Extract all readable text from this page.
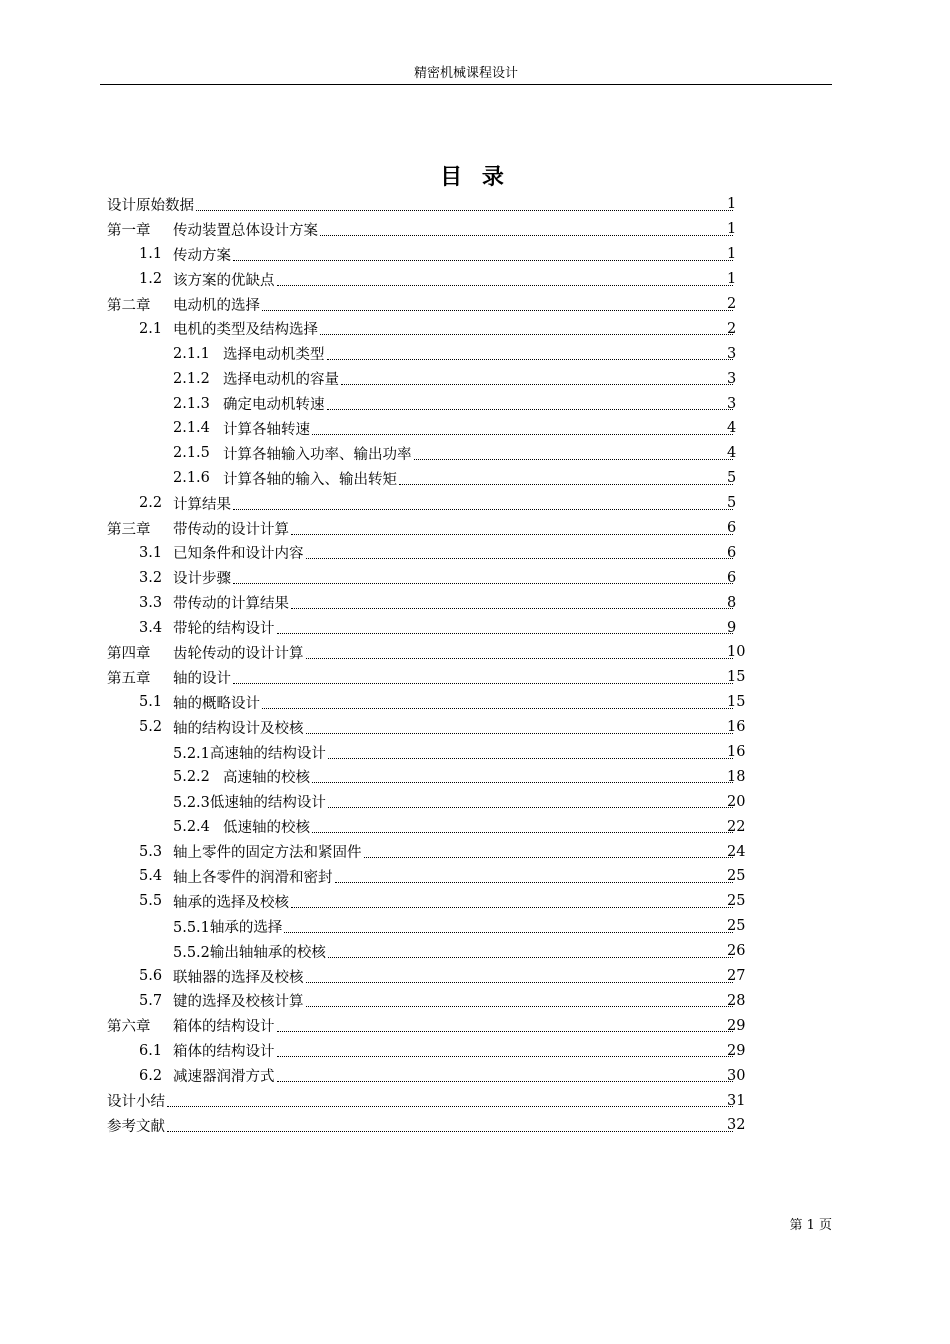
精密机械课程设计
目 录
设计原始数据	1
第一章	传动装置总体设计方案	1
1.1 传动方案	1
1.2 该方案的优缺点	1
第二章	电动机的选择	2
2.1 电机的类型及结构选择	2
2.1.1 选择电动机类型	3
2.1.2 选择电动机的容量	3
2.1.3 确定电动机转速	3
2.1.4 计算各轴转速	4
2.1.5 计算各轴输入功率、输出功率	4
2.1.6 计算各轴的输入、输出转矩	5
2.2 计算结果	5
第三章	带传动的设计计算	6
3.1 已知条件和设计内容	6
3.2 设计步骤	6
3.3 带传动的计算结果	8
3.4 带轮的结构设计	9
第四章	齿轮传动的设计计算	10
第五章	轴的设计	15
5.1 轴的概略设计	15
5.2 轴的结构设计及校核	16
5.2.1高速轴的结构设计	16
5.2.2 高速轴的校核	18
5.2.3低速轴的结构设计	20
5.2.4 低速轴的校核	22
5.3 轴上零件的固定方法和紧固件	24
5.4 轴上各零件的润滑和密封	25
5.5 轴承的选择及校核	25
5.5.1轴承的选择	25
5.5.2输出轴轴承的校核	26
5.6 联轴器的选择及校核	27
5.7 键的选择及校核计算	28
第六章	箱体的结构设计	29
6.1 箱体的结构设计	29
6.2 减速器润滑方式	30
设计小结	31
参考文献	32
第 1 页
